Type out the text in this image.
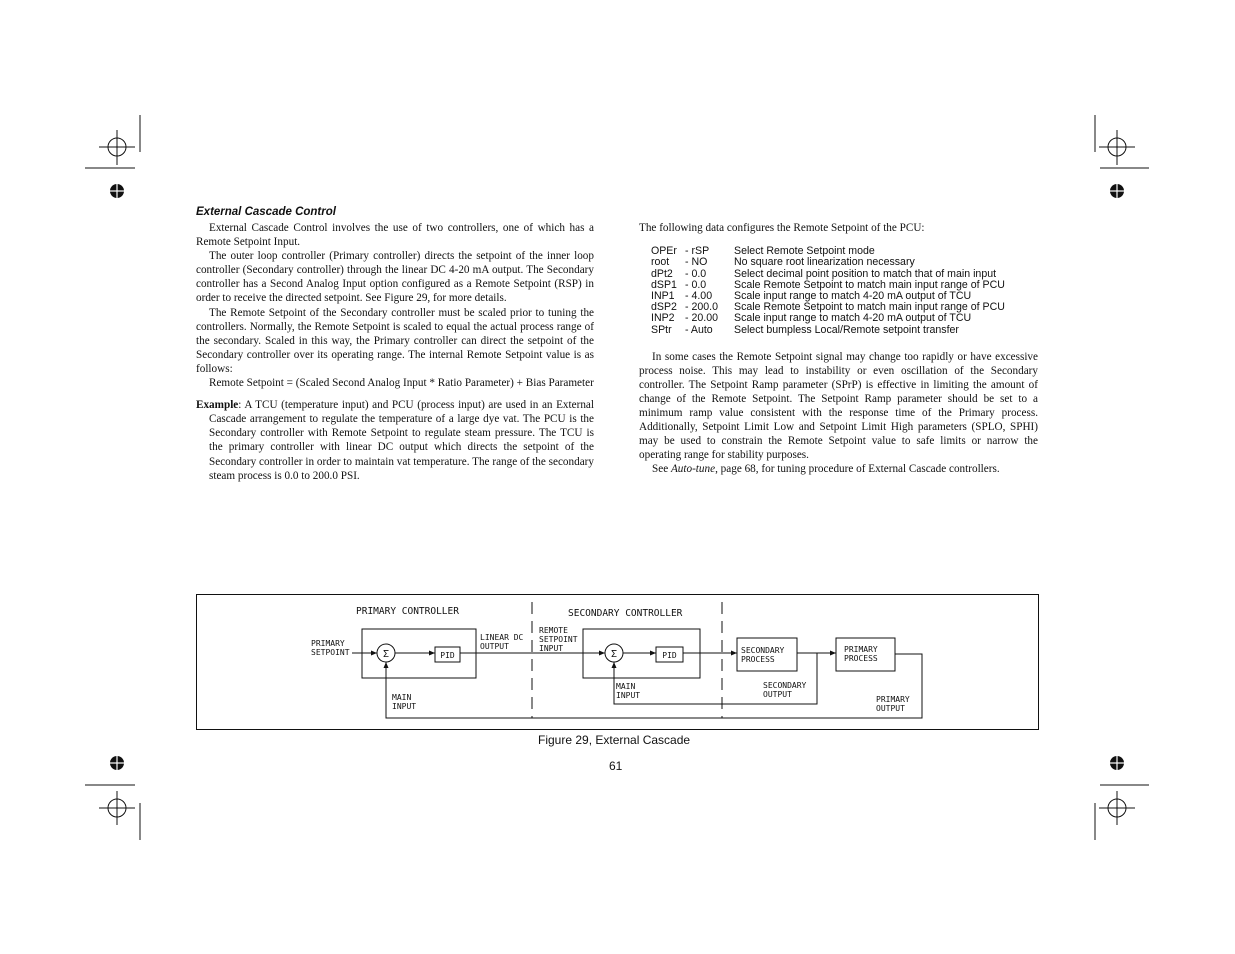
External Cascade Control

External Cascade Control involves the use of two controllers, one of which has a Remote Setpoint Input.

The outer loop controller (Primary controller) directs the setpoint of the inner loop controller (Secondary controller) through the linear DC 4-20 mA output. The Secondary controller has a Second Analog Input option configured as a Remote Setpoint (RSP) in order to receive the directed setpoint. See Figure 29, for more details.

The Remote Setpoint of the Secondary controller must be scaled prior to tuning the controllers. Normally, the Remote Setpoint is scaled to equal the actual process range of the secondary. Scaled in this way, the Primary controller can direct the setpoint of the Secondary controller over its operating range. The internal Remote Setpoint value is as follows:

Remote Setpoint = (Scaled Second Analog Input * Ratio Parameter) + Bias Parameter

Example: A TCU (temperature input) and PCU (process input) are used in an External Cascade arrangement to regulate the temperature of a large dye vat. The PCU is the Secondary controller with Remote Setpoint to regulate steam pressure. The TCU is the primary controller with linear DC output which directs the setpoint of the Secondary controller in order to maintain vat temperature. The range of the secondary steam process is 0.0 to 200.0 PSI.

The following data configures the Remote Setpoint of the PCU:

OPEr	- rSP	Select Remote Setpoint mode
root	- NO	No square root linearization necessary
dPt2	- 0.0	Select decimal point position to match that of main input
dSP1	- 0.0	Scale Remote Setpoint to match main input range of PCU
INP1	- 4.00	Scale input range to match 4-20 mA output of TCU
dSP2	- 200.0	Scale Remote Setpoint to match main input range of PCU
INP2	- 20.00	Scale input range to match 4-20 mA output of TCU
SPtr	- Auto	Select bumpless Local/Remote setpoint transfer

In some cases the Remote Setpoint signal may change too rapidly or have excessive process noise. This may lead to instability or even oscillation of the Secondary controller. The Setpoint Ramp parameter (SPrP) is effective in limiting the amount of change of the Remote Setpoint. The Setpoint Ramp parameter should be set to a minimum ramp value consistent with the response time of the Primary process. Additionally, Setpoint Limit Low and Setpoint Limit High parameters (SPLO, SPHI) may be used to constrain the Remote Setpoint value to safe limits or narrow the operating range for stability purposes.

See Auto-tune, page 68, for tuning procedure of External Cascade controllers.

PRIMARY CONTROLLER	SECONDARY CONTROLLER
Σ	PID	Σ	PID
PRIMARY
SETPOINT
LINEAR DC
OUTPUT
REMOTE
SETPOINT
INPUT
MAIN
INPUT
MAIN
INPUT
SECONDARY
PROCESS
PRIMARY
PROCESS
SECONDARY
OUTPUT
PRIMARY
OUTPUT
Figure 29, External Cascade
61
